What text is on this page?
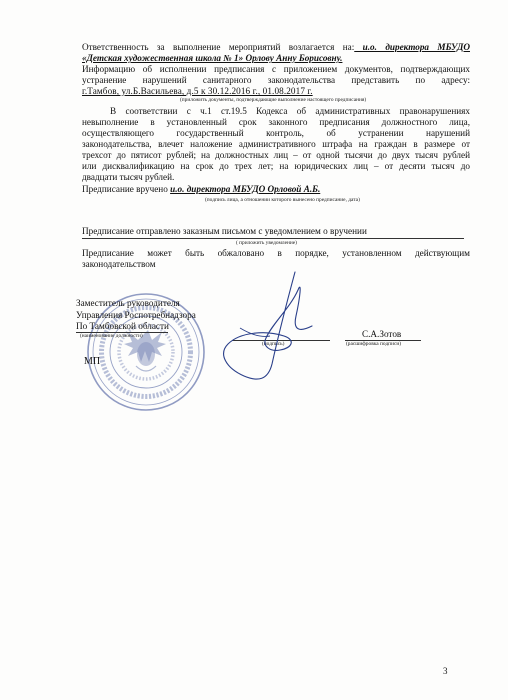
Ответственность за выполнение мероприятий возлагается на: и.о. директора МБУДО
«Детская художественная школа № 1» Орлову Анну Борисовну.
Информацию об исполнении предписания с приложением документов, подтверждающих
устранение нарушений санитарного законодательства представить по адресу:
г.Тамбов, ул.Б.Васильева, д.5 к 30.12.2016 г., 01.08.2017 г.
(приложить документы, подтверждающие выполнение настоящего предписания)
В соответствии с ч.1 ст.19.5 Кодекса об административных правонарушениях
невыполнение в установленный срок законного предписания должностного лица,
осуществляющего государственный контроль, об устранении нарушений
законодательства, влечет наложение административного штрафа на граждан в размере от
трехсот до пятисот рублей; на должностных лиц – от одной тысячи до двух тысяч рублей
или дисквалификацию на срок до трех лет; на юридических лиц – от десяти тысяч до
двадцати тысяч рублей.
Предписание вручено и.о. директора МБУДО Орловой А.Б.
(подпись лица, а отношении которого вынесено предписание, дата)
Предписание отправлено заказным письмом с уведомлением о вручении
( приложить уведомление)
Предписание может быть обжаловано в порядке, установленном действующим
законодательством
Заместитель руководителя
Управления Роспотребнадзора
По Тамбовской области
(наименование должности)
МП
(подпись)
С.А.Зотов
(расшифровка подписи)
3
